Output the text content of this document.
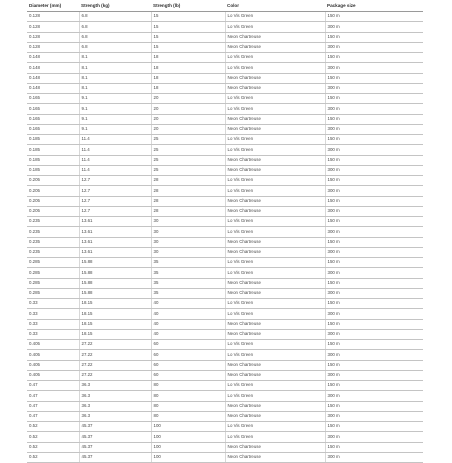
Diameter (mm)	Strength (kg)	Strength (lb)	Color	Package size
0.128	6.8	15	Lo Vis Green	150 m
0.128	6.8	15	Lo Vis Green	300 m
0.128	6.8	15	Neon Chartreuse	150 m
0.128	6.8	15	Neon Chartreuse	300 m
0.148	8.1	18	Lo Vis Green	150 m
0.148	8.1	18	Lo Vis Green	300 m
0.148	8.1	18	Neon Chartreuse	150 m
0.148	8.1	18	Neon Chartreuse	300 m
0.165	9.1	20	Lo Vis Green	150 m
0.165	9.1	20	Lo Vis Green	300 m
0.165	9.1	20	Neon Chartreuse	150 m
0.165	9.1	20	Neon Chartreuse	300 m
0.185	11.4	25	Lo Vis Green	150 m
0.185	11.4	25	Lo Vis Green	300 m
0.185	11.4	25	Neon Chartreuse	150 m
0.185	11.4	25	Neon Chartreuse	300 m
0.205	12.7	28	Lo Vis Green	150 m
0.205	12.7	28	Lo Vis Green	300 m
0.205	12.7	28	Neon Chartreuse	150 m
0.205	12.7	28	Neon Chartreuse	300 m
0.235	13.61	30	Lo Vis Green	150 m
0.235	13.61	30	Lo Vis Green	300 m
0.235	13.61	30	Neon Chartreuse	150 m
0.235	13.61	30	Neon Chartreuse	300 m
0.285	15.88	35	Lo Vis Green	150 m
0.285	15.88	35	Lo Vis Green	300 m
0.285	15.88	35	Neon Chartreuse	150 m
0.285	15.88	35	Neon Chartreuse	300 m
0.33	18.15	40	Lo Vis Green	150 m
0.33	18.15	40	Lo Vis Green	300 m
0.33	18.15	40	Neon Chartreuse	150 m
0.33	18.15	40	Neon Chartreuse	300 m
0.405	27.22	60	Lo Vis Green	150 m
0.405	27.22	60	Lo Vis Green	300 m
0.405	27.22	60	Neon Chartreuse	150 m
0.405	27.22	60	Neon Chartreuse	300 m
0.47	36.3	80	Lo Vis Green	150 m
0.47	36.3	80	Lo Vis Green	300 m
0.47	36.3	80	Neon Chartreuse	150 m
0.47	36.3	80	Neon Chartreuse	300 m
0.52	45.37	100	Lo Vis Green	150 m
0.52	45.37	100	Lo Vis Green	300 m
0.52	45.37	100	Neon Chartreuse	150 m
0.52	45.37	100	Neon Chartreuse	300 m
